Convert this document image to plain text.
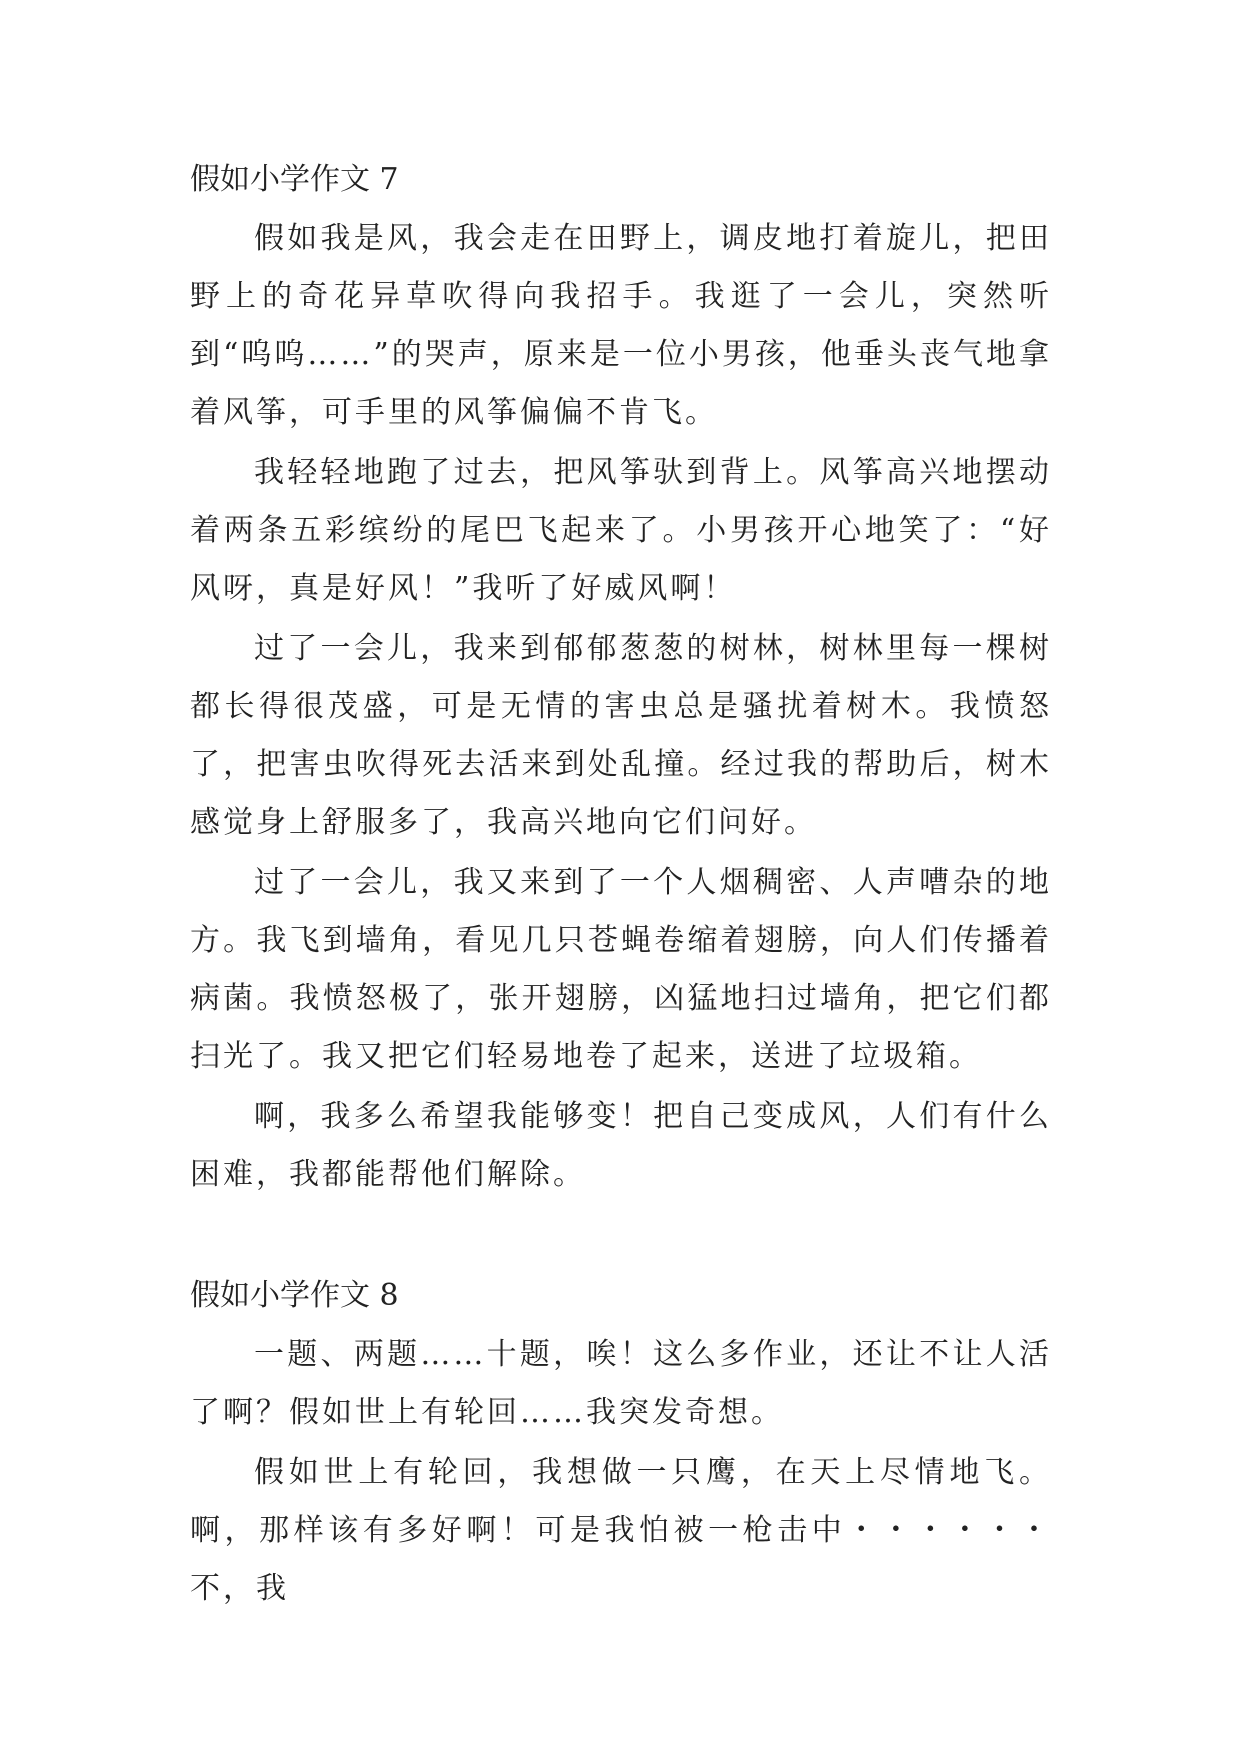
假如小学作文 7

假如我是风，我会走在田野上，调皮地打着旋儿，把田野上的奇花异草吹得向我招手。我逛了一会儿，突然听到“呜呜……”的哭声，原来是一位小男孩，他垂头丧气地拿着风筝，可手里的风筝偏偏不肯飞。

我轻轻地跑了过去，把风筝驮到背上。风筝高兴地摆动着两条五彩缤纷的尾巴飞起来了。小男孩开心地笑了：“好风呀，真是好风！”我听了好威风啊！

过了一会儿，我来到郁郁葱葱的树林，树林里每一棵树都长得很茂盛，可是无情的害虫总是骚扰着树木。我愤怒了，把害虫吹得死去活来到处乱撞。经过我的帮助后，树木感觉身上舒服多了，我高兴地向它们问好。

过了一会儿，我又来到了一个人烟稠密、人声嘈杂的地方。我飞到墙角，看见几只苍蝇卷缩着翅膀，向人们传播着病菌。我愤怒极了，张开翅膀，凶猛地扫过墙角，把它们都扫光了。我又把它们轻易地卷了起来，送进了垃圾箱。

啊，我多么希望我能够变！把自己变成风，人们有什么困难，我都能帮他们解除。

假如小学作文 8

一题、两题……十题，唉！这么多作业，还让不让人活了啊？假如世上有轮回……我突发奇想。

假如世上有轮回，我想做一只鹰，在天上尽情地飞。啊，那样该有多好啊！可是我怕被一枪击中・・・・・・不，我
